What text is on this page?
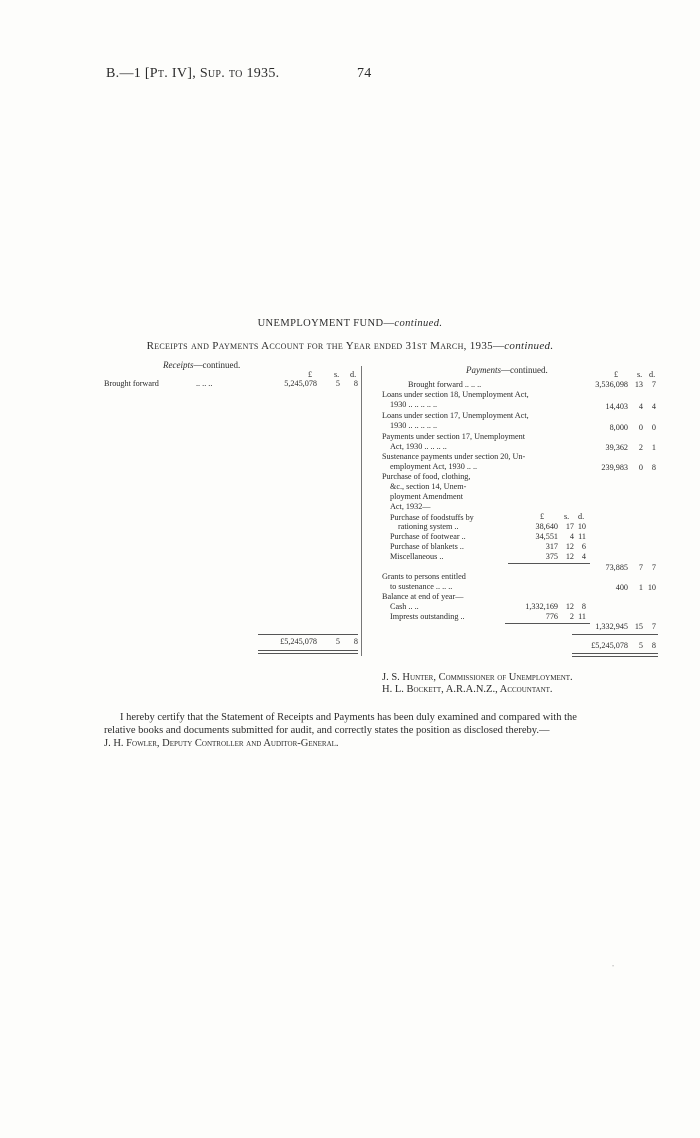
B.—1 [Pt. IV], Sup. to 1935.	74
UNEMPLOYMENT FUND—continued.
Receipts and Payments Account for the Year ended 31st March, 1935—continued.
Receipts—continued.	Payments—continued.
£	s. d.
Brought forward	.. .. ..	5,245,078	5	8
£5,245,078	5	8
£ s. d.
Brought forward .. .. ..	3,536,098 13	7
Loans under section 18, Unemployment Act,
1930 .. .. .. .. ..	14,403	4	4
Loans under section 17, Unemployment Act,
1930 .. .. .. .. ..	8,000	0	0
Payments under section 17, Unemployment
Act, 1930 .. .. .. ..	39,362	2	1
Sustenance payments under section 20, Un-
employment Act, 1930 .. ..	239,983	0	8
Purchase of food, clothing,
&c., section 14, Unem-
ployment Amendment
Act, 1932—
£ s. d.
Purchase of foodstuffs by
rationing system ..	38,640 17 10
Purchase of footwear ..	34,551	4 11
Purchase of blankets ..	317 12 6
Miscellaneous ..	375 12 4
73,885	7	7
Grants to persons entitled
to sustenance .. .. ..	400	1 10
Balance at end of year—
Cash .. ..	1,332,169 12 8
Imprests outstanding ..	776	2 11
1,332,945 15	7
£5,245,078	5	8
J. S. Hunter, Commissioner of Unemployment.
H. L. Bockett, A.R.A.N.Z., Accountant.
I hereby certify that the Statement of Receipts and Payments has been duly examined and compared with the
relative books and documents submitted for audit, and correctly states the position as disclosed thereby.—
J. H. Fowler, Deputy Controller and Auditor-General.
•
